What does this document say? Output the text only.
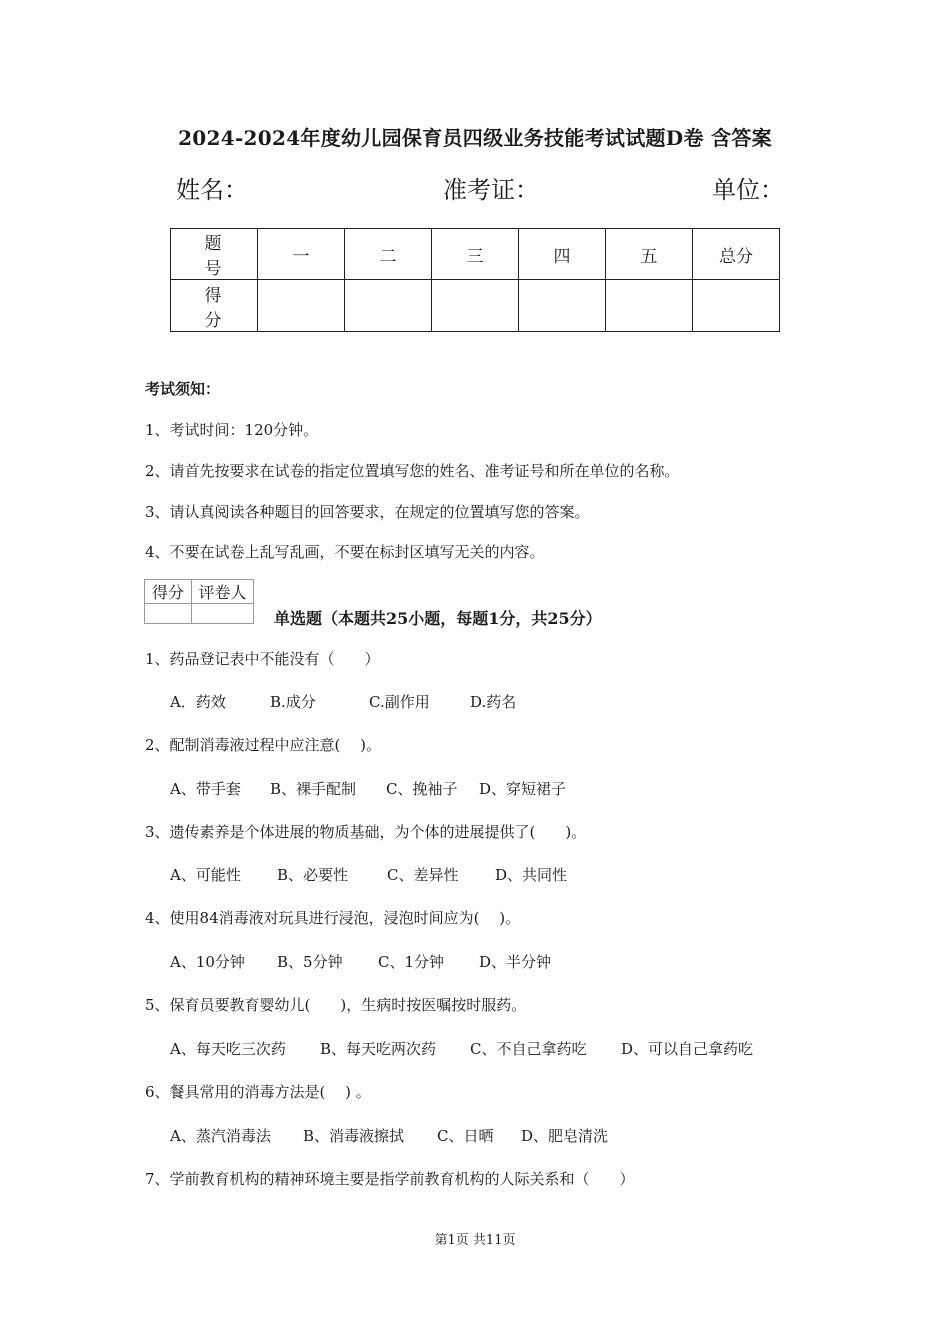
2024-2024年度幼儿园保育员四级业务技能考试试题D卷 含答案
姓名：	准考证：	单位：
题 号	一	二	三	四	五	总分
得 分						
考试须知：
1、考试时间：120分钟。
2、请首先按要求在试卷的指定位置填写您的姓名、准考证号和所在单位的名称。
3、请认真阅读各种题目的回答要求，在规定的位置填写您的答案。
4、不要在试卷上乱写乱画，不要在标封区填写无关的内容。
得分	评卷人

单选题（本题共25小题，每题1分，共25分）
1、药品登记表中不能没有（　　）
A．药效	B.成分	C.副作用	D.药名
2、配制消毒液过程中应注意(　 )。
A、带手套 B、裸手配制 C、挽袖子 D、穿短裙子
3、遗传素养是个体进展的物质基础，为个体的进展提供了(　　)。
A、可能性 B、必要性	C、差异性 D、共同性
4、使用84消毒液对玩具进行浸泡，浸泡时间应为(　 )。
A、10分钟 B、5分钟 C、1分钟 D、半分钟
5、保育员要教育婴幼儿(　　)，生病时按医嘱按时服药。
A、每天吃三次药 B、每天吃两次药 C、不自己拿药吃 D、可以自己拿药吃
6、餐具常用的消毒方法是(　 ) 。
A、蒸汽消毒法 B、消毒液擦拭 C、日晒 D、肥皂清洗
7、学前教育机构的精神环境主要是指学前教育机构的人际关系和（　　）
第1页 共11页
